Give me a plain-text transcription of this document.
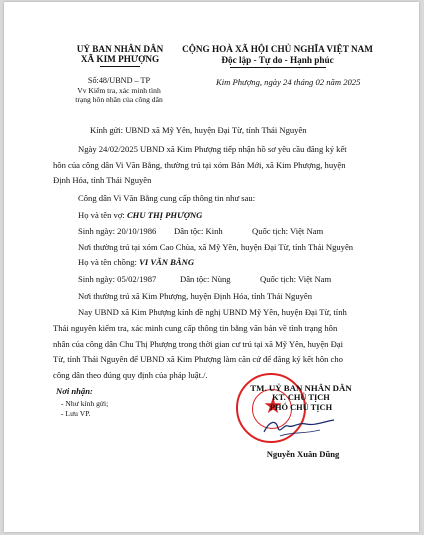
UỶ BAN NHÂN DÂN
XÃ KIM PHƯỢNG
CỘNG HOÀ XÃ HỘI CHỦ NGHĨA VIỆT NAM
Độc lập - Tự do - Hạnh phúc
Số:48/UBND – TP
Vv Kiểm tra, xác minh tình
trạng hôn nhân của công dân
Kim Phượng, ngày 24 tháng 02 năm 2025
Kính gửi: UBND xã Mỹ Yên, huyện Đại Từ, tỉnh Thái Nguyên
Ngày 24/02/2025 UBND xã Kim Phượng tiếp nhận hồ sơ yêu cầu đăng ký kết
hôn của công dân Vi Văn Bằng, thường trú tại xóm Bản Mới, xã Kim Phượng, huyện
Định Hóa, tỉnh Thái Nguyên
Công dân Vi Văn Bằng cung cấp thông tin như sau:
Họ và tên vợ: CHU THỊ PHƯỢNG
Sinh ngày: 20/10/1986 Dân tộc: Kinh	Quốc tịch: Việt Nam
Nơi thường trú tại xóm Cao Chùa, xã Mỹ Yên, huyện Đại Từ, tỉnh Thái Nguyên
Họ và tên chồng: VI VĂN BẰNG
Sinh ngày: 05/02/1987	Dân tộc: Nùng	Quốc tịch: Việt Nam
Nơi thường trú xã Kim Phượng, huyện Định Hóa, tỉnh Thái Nguyên
Nay UBND xã Kim Phượng kính đề nghị UBND Mỹ Yên, huyện Đại Từ, tỉnh
Thái nguyên kiểm tra, xác minh cung cấp thông tin bằng văn bản về tình trạng hôn
nhân của công dân Chu Thị Phượng trong thời gian cư trú tại xã Mỹ Yên, huyện Đại
Từ, tỉnh Thái Nguyên để UBND xã Kim Phượng làm căn cứ để đăng ký kết hôn cho
công dân theo đúng quy định của pháp luật./.
Nơi nhận:
- Như kính gửi;
- Lưu VP.	★
TM. UỶ BAN NHÂN DÂN
KT. CHỦ TỊCH
PHÓ CHỦ TỊCH
Nguyễn Xuân Dũng
